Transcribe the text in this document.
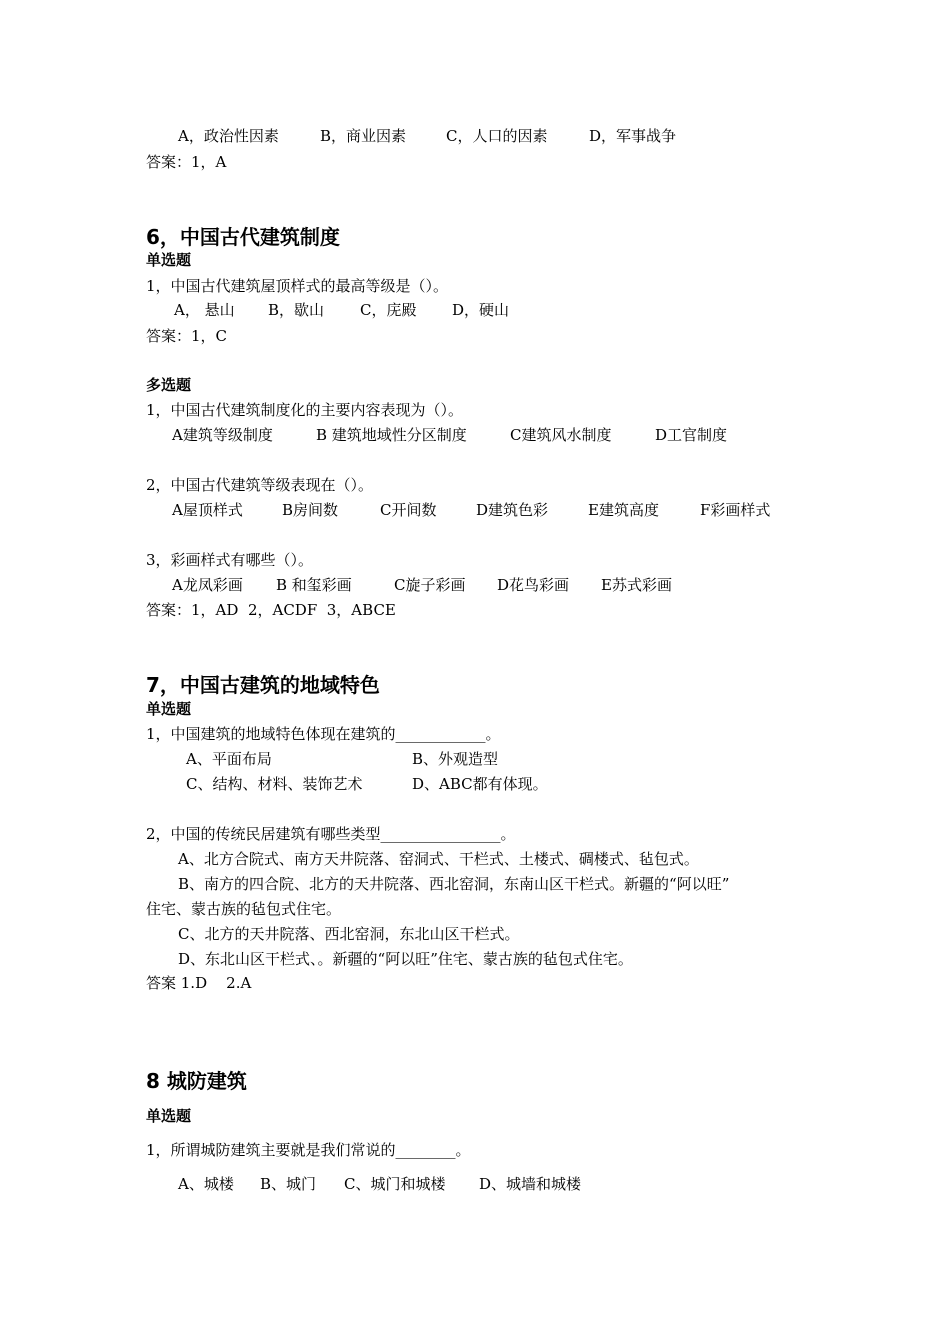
A，政治性因素	B，商业因素	C，人口的因素	D，军事战争
答案：1，A
6，中国古代建筑制度
单选题
1，中国古代建筑屋顶样式的最高等级是（）。
A， 悬山 B，歇山 C，庑殿 D，硬山
答案：1，C
多选题
1，中国古代建筑制度化的主要内容表现为（）。
A建筑等级制度	B 建筑地域性分区制度	C建筑风水制度	D工官制度
2，中国古代建筑等级表现在（）。
A屋顶样式	B房间数	C开间数	D建筑色彩	E建筑高度	F彩画样式
3，彩画样式有哪些（）。
A龙凤彩画 B 和玺彩画	C旋子彩画 D花鸟彩画 E苏式彩画
答案：1，AD  2，ACDF  3，ABCE
7，中国古建筑的地域特色
单选题
1，中国建筑的地域特色体现在建筑的____________。
A、平面布局	B、外观造型
C、结构、材料、装饰艺术	D、ABC都有体现。
2，中国的传统民居建筑有哪些类型________________。
A、北方合院式、南方天井院落、窑洞式、干栏式、土楼式、碉楼式、毡包式。
B、南方的四合院、北方的天井院落、西北窑洞，东南山区干栏式。新疆的“阿以旺”
住宅、蒙古族的毡包式住宅。
C、北方的天井院落、西北窑洞，东北山区干栏式。
D、东北山区干栏式、。新疆的“阿以旺”住宅、蒙古族的毡包式住宅。
答案 1.D    2.A
8 城防建筑
单选题
1，所谓城防建筑主要就是我们常说的________。
A、城楼 B、城门 C、城门和城楼 D、城墙和城楼
